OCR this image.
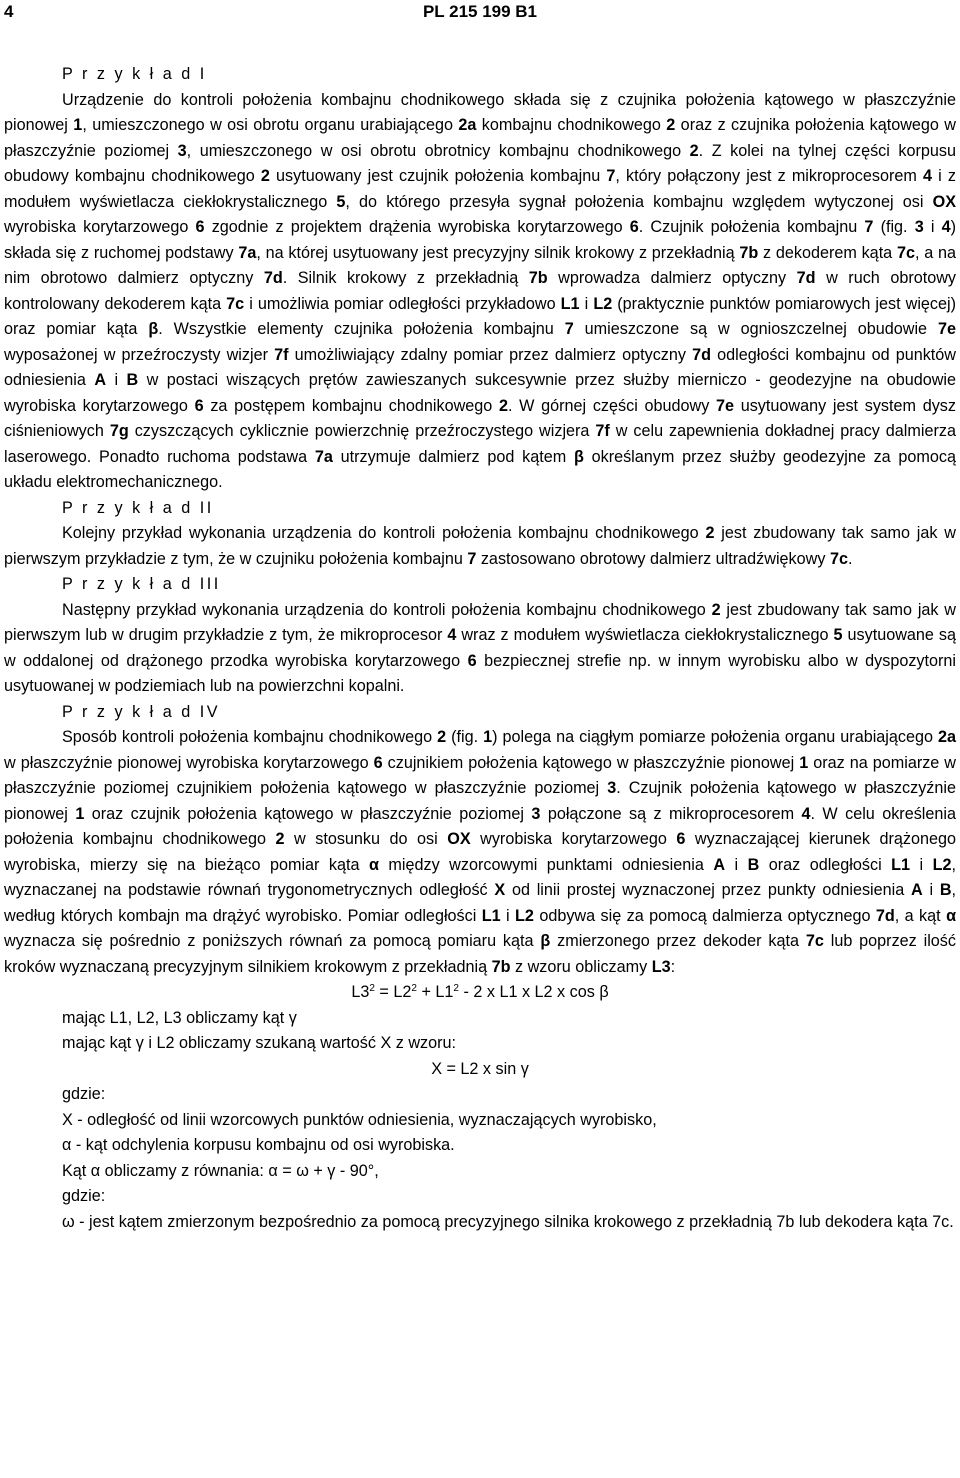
4	PL 215 199 B1

P r z y k ł a d I

Urządzenie do kontroli położenia kombajnu chodnikowego składa się z czujnika położenia kątowego w płaszczyźnie pionowej 1, umieszczonego w osi obrotu organu urabiającego 2a kombajnu chodnikowego 2 oraz z czujnika położenia kątowego w płaszczyźnie poziomej 3, umieszczonego w osi obrotu obrotnicy kombajnu chodnikowego 2. Z kolei na tylnej części korpusu obudowy kombajnu chodnikowego 2 usytuowany jest czujnik położenia kombajnu 7, który połączony jest z mikroprocesorem 4 i z modułem wyświetlacza ciekłokrystalicznego 5, do którego przesyła sygnał położenia kombajnu względem wytyczonej osi OX wyrobiska korytarzowego 6 zgodnie z projektem drążenia wyrobiska korytarzowego 6. Czujnik położenia kombajnu 7 (fig. 3 i 4) składa się z ruchomej podstawy 7a, na której usytuowany jest precyzyjny silnik krokowy z przekładnią 7b z dekoderem kąta 7c, a na nim obrotowo dalmierz optyczny 7d. Silnik krokowy z przekładnią 7b wprowadza dalmierz optyczny 7d w ruch obrotowy kontrolowany dekoderem kąta 7c i umożliwia pomiar odległości przykładowo L1 i L2 (praktycznie punktów pomiarowych jest więcej) oraz pomiar kąta β. Wszystkie elementy czujnika położenia kombajnu 7 umieszczone są w ognioszczelnej obudowie 7e wyposażonej w przeźroczysty wizjer 7f umożliwiający zdalny pomiar przez dalmierz optyczny 7d odległości kombajnu od punktów odniesienia A i B w postaci wiszących prętów zawieszanych sukcesywnie przez służby mierniczo - geodezyjne na obudowie wyrobiska korytarzowego 6 za postępem kombajnu chodnikowego 2. W górnej części obudowy 7e usytuowany jest system dysz ciśnieniowych 7g czyszczących cyklicznie powierzchnię przeźroczystego wizjera 7f w celu zapewnienia dokładnej pracy dalmierza laserowego. Ponadto ruchoma podstawa 7a utrzymuje dalmierz pod kątem β określanym przez służby geodezyjne za pomocą układu elektromechanicznego.

P r z y k ł a d II

Kolejny przykład wykonania urządzenia do kontroli położenia kombajnu chodnikowego 2 jest zbudowany tak samo jak w pierwszym przykładzie z tym, że w czujniku położenia kombajnu 7 zastosowano obrotowy dalmierz ultradźwiękowy 7c.

P r z y k ł a d III

Następny przykład wykonania urządzenia do kontroli położenia kombajnu chodnikowego 2 jest zbudowany tak samo jak w pierwszym lub w drugim przykładzie z tym, że mikroprocesor 4 wraz z modułem wyświetlacza ciekłokrystalicznego 5 usytuowane są w oddalonej od drążonego przodka wyrobiska korytarzowego 6 bezpiecznej strefie np. w innym wyrobisku albo w dyspozytorni usytuowanej w podziemiach lub na powierzchni kopalni.

P r z y k ł a d IV

Sposób kontroli położenia kombajnu chodnikowego 2 (fig. 1) polega na ciągłym pomiarze położenia organu urabiającego 2a w płaszczyźnie pionowej wyrobiska korytarzowego 6 czujnikiem położenia kątowego w płaszczyźnie pionowej 1 oraz na pomiarze w płaszczyźnie poziomej czujnikiem położenia kątowego w płaszczyźnie poziomej 3. Czujnik położenia kątowego w płaszczyźnie pionowej 1 oraz czujnik położenia kątowego w płaszczyźnie poziomej 3 połączone są z mikroprocesorem 4. W celu określenia położenia kombajnu chodnikowego 2 w stosunku do osi OX wyrobiska korytarzowego 6 wyznaczającej kierunek drążonego wyrobiska, mierzy się na bieżąco pomiar kąta α między wzorcowymi punktami odniesienia A i B oraz odległości L1 i L2, wyznaczanej na podstawie równań trygonometrycznych odległość X od linii prostej wyznaczonej przez punkty odniesienia A i B, według których kombajn ma drążyć wyrobisko. Pomiar odległości L1 i L2 odbywa się za pomocą dalmierza optycznego 7d, a kąt α wyznacza się pośrednio z poniższych równań za pomocą pomiaru kąta β zmierzonego przez dekoder kąta 7c lub poprzez ilość kroków wyznaczaną precyzyjnym silnikiem krokowym z przekładnią 7b z wzoru obliczamy L3:

$L3^2 = L2^2 + L1^2 - 2$ x L1 x L2 x cos β

mając L1, L2, L3 obliczamy kąt γ

mając kąt γ i L2 obliczamy szukaną wartość X z wzoru:

X = L2 x sin γ

gdzie:

X - odległość od linii wzorcowych punktów odniesienia, wyznaczających wyrobisko,

α - kąt odchylenia korpusu kombajnu od osi wyrobiska.

Kąt α obliczamy z równania: α = ω + γ - 90°,

gdzie:

ω - jest kątem zmierzonym bezpośrednio za pomocą precyzyjnego silnika krokowego z przekładnią 7b lub dekodera kąta 7c.
